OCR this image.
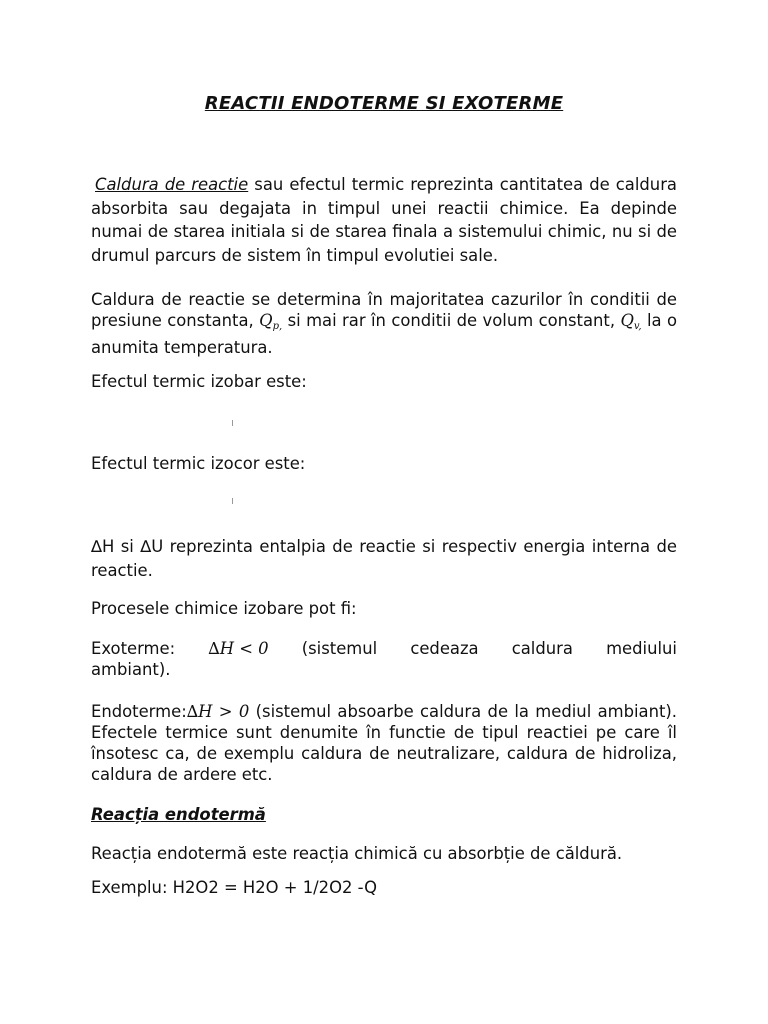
REACTII ENDOTERME SI EXOTERME
Caldura de reactie sau efectul termic reprezinta cantitatea de caldura absorbita sau degajata in timpul unei reactii chimice. Ea depinde numai de starea initiala si de starea finala a sistemului chimic, nu si de drumul parcurs de sistem în timpul evolutiei sale.
Caldura de reactie se determina în majoritatea cazurilor în conditii de presiune constanta, $Q_{p,}$ si mai rar în conditii de volum constant, $Q_{v,}$ la o anumita temperatura.
Efectul termic izobar este:
Efectul termic izocor este:
∆H si ∆U reprezinta entalpia de reactie si respectiv energia interna de reactie.
Procesele chimice izobare pot fi:
Exoterme: ∆H < 0 (sistemul cedeaza caldura mediului
ambiant).
Endoterme:∆H > 0 (sistemul absoarbe caldura de la mediul ambiant). Efectele termice sunt denumite în functie de tipul reactiei pe care îl însotesc ca, de exemplu caldura de neutralizare, caldura de hidroliza, caldura de ardere etc.
Reacția endotermă
Reacția endotermă este reacția chimică cu absorbție de căldură.
Exemplu: H2O2 = H2O + 1/2O2 -Q
